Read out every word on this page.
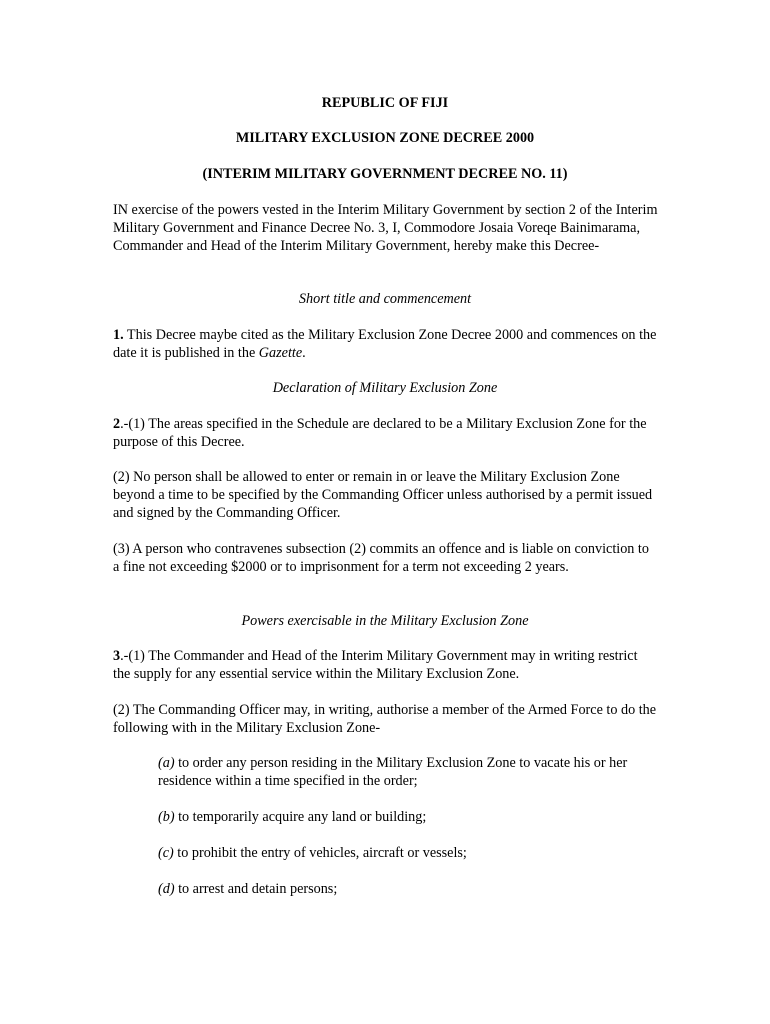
REPUBLIC OF FIJI

MILITARY EXCLUSION ZONE DECREE 2000

(INTERIM MILITARY GOVERNMENT DECREE NO. 11)

IN exercise of the powers vested in the Interim Military Government by section 2 of the Interim Military Government and Finance Decree No. 3, I, Commodore Josaia Voreqe Bainimarama, Commander and Head of the Interim Military Government, hereby make this Decree-

Short title and commencement

1. This Decree maybe cited as the Military Exclusion Zone Decree 2000 and commences on the date it is published in the Gazette.

Declaration of Military Exclusion Zone

2.-(1) The areas specified in the Schedule are declared to be a Military Exclusion Zone for the purpose of this Decree.

(2) No person shall be allowed to enter or remain in or leave the Military Exclusion Zone beyond a time to be specified by the Commanding Officer unless authorised by a permit issued and signed by the Commanding Officer.

(3) A person who contravenes subsection (2) commits an offence and is liable on conviction to a fine not exceeding $2000 or to imprisonment for a term not exceeding 2 years.

Powers exercisable in the Military Exclusion Zone

3.-(1) The Commander and Head of the Interim Military Government may in writing restrict the supply for any essential service within the Military Exclusion Zone.

(2) The Commanding Officer may, in writing, authorise a member of the Armed Force to do the following with in the Military Exclusion Zone-

(a) to order any person residing in the Military Exclusion Zone to vacate his or her residence within a time specified in the order;

(b) to temporarily acquire any land or building;

(c) to prohibit the entry of vehicles, aircraft or vessels;

(d) to arrest and detain persons;
